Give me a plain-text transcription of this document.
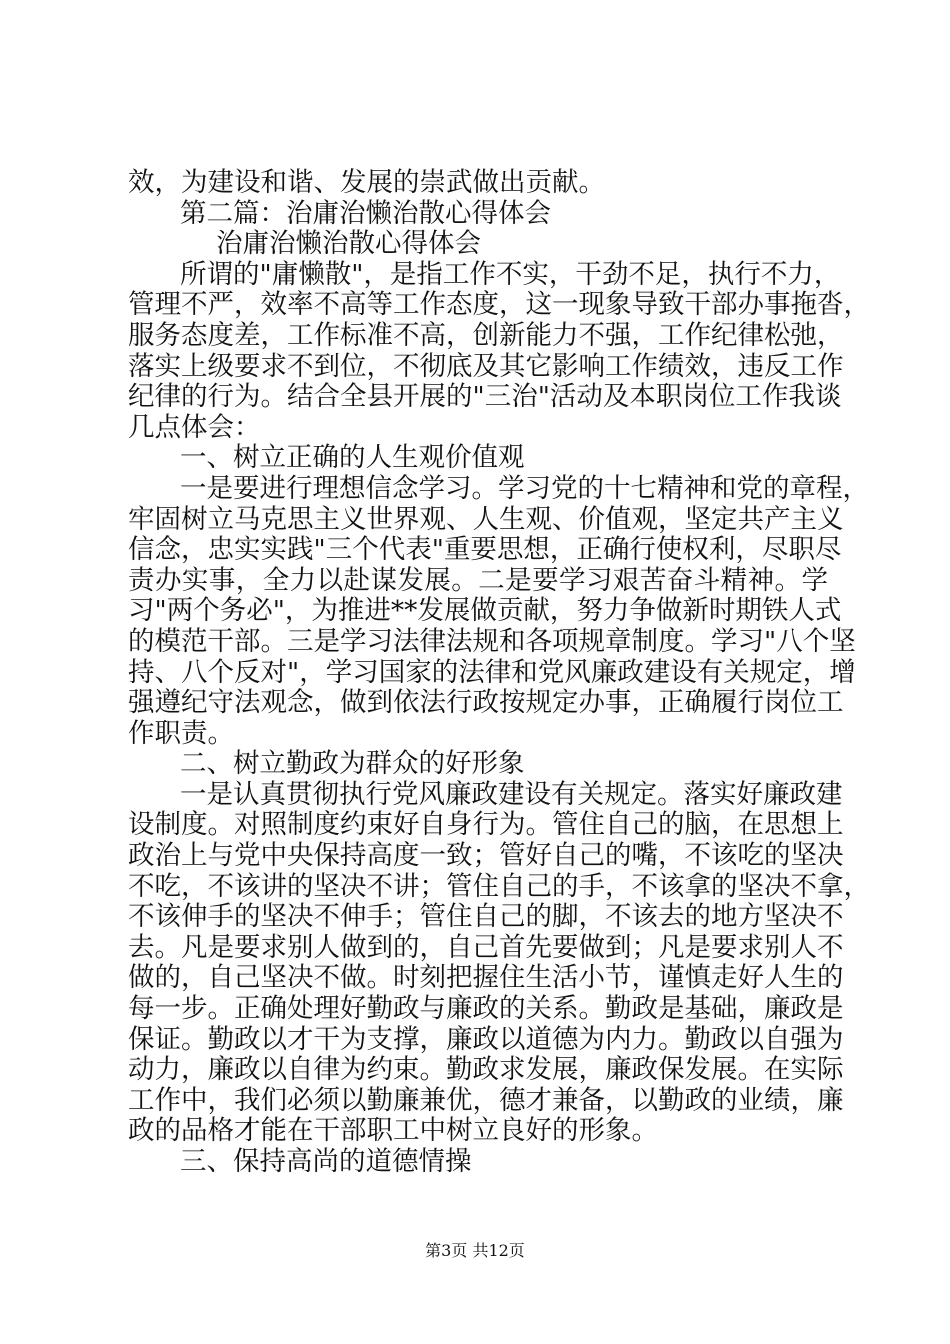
效，为建设和谐、发展的崇武做出贡献。
第二篇：治庸治懒治散心得体会
治庸治懒治散心得体会
所谓的"庸懒散"，是指工作不实，干劲不足，执行不力，
管理不严，效率不高等工作态度，这一现象导致干部办事拖沓，
服务态度差，工作标准不高，创新能力不强，工作纪律松弛，
落实上级要求不到位，不彻底及其它影响工作绩效，违反工作
纪律的行为。结合全县开展的"三治"活动及本职岗位工作我谈
几点体会：
一、树立正确的人生观价值观
一是要进行理想信念学习。学习党的十七精神和党的章程，
牢固树立马克思主义世界观、人生观、价值观，坚定共产主义
信念，忠实实践"三个代表"重要思想，正确行使权利，尽职尽
责办实事，全力以赴谋发展。二是要学习艰苦奋斗精神。学
习"两个务必"，为推进**发展做贡献，努力争做新时期铁人式
的模范干部。三是学习法律法规和各项规章制度。学习"八个坚
持、八个反对"，学习国家的法律和党风廉政建设有关规定，增
强遵纪守法观念，做到依法行政按规定办事，正确履行岗位工
作职责。
二、树立勤政为群众的好形象
一是认真贯彻执行党风廉政建设有关规定。落实好廉政建
设制度。对照制度约束好自身行为。管住自己的脑，在思想上
政治上与党中央保持高度一致；管好自己的嘴，不该吃的坚决
不吃，不该讲的坚决不讲；管住自己的手，不该拿的坚决不拿，
不该伸手的坚决不伸手；管住自己的脚，不该去的地方坚决不
去。凡是要求别人做到的，自己首先要做到；凡是要求别人不
做的，自己坚决不做。时刻把握住生活小节，谨慎走好人生的
每一步。正确处理好勤政与廉政的关系。勤政是基础，廉政是
保证。勤政以才干为支撑，廉政以道德为内力。勤政以自强为
动力，廉政以自律为约束。勤政求发展，廉政保发展。在实际
工作中，我们必须以勤廉兼优，德才兼备，以勤政的业绩，廉
政的品格才能在干部职工中树立良好的形象。
三、保持高尚的道德情操
第3页 共12页
